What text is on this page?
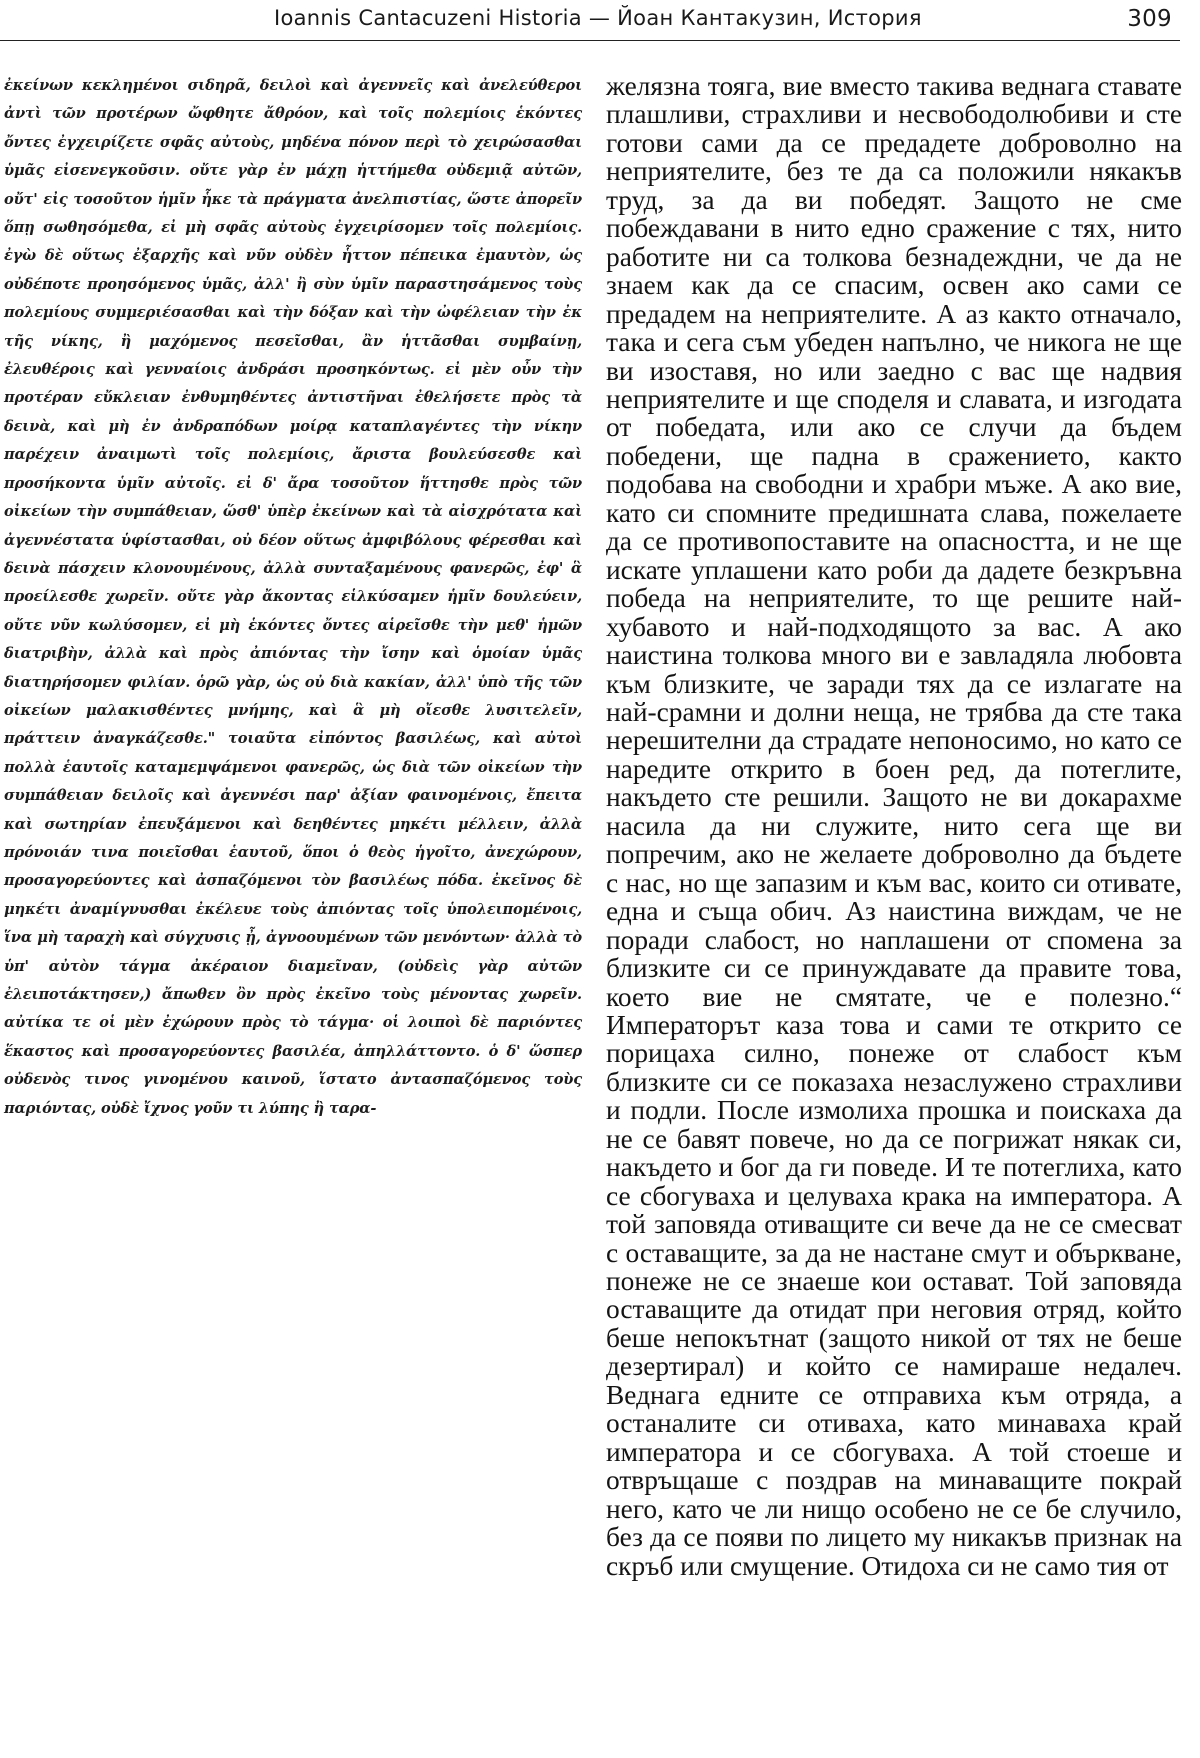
Ioannis Cantacuzeni Historia — Йоан Кантакузин, История	309

ἐκείνων κεκλημένοι σιδηρᾶ, δειλοὶ καὶ ἀγεννεῖς καὶ ἀνελεύθεροι ἀντὶ τῶν προτέρων ὤφθητε ἄθρόον, καὶ τοῖς πολεμίοις ἑκόντες ὄντες ἐγχειρίζετε σφᾶς αὐτοὺς, μηδένα πόνον περὶ τὸ χειρώσασθαι ὑμᾶς εἰσενεγκοῦσιν. οὔτε γὰρ ἐν μάχῃ ἡττήμεθα οὐδεμιᾷ αὐτῶν, οὔτ' εἰς τοσοῦτον ἡμῖν ἧκε τὰ πράγματα ἀνελπιστίας, ὥστε ἀπορεῖν ὅπῃ σωθησόμεθα, εἰ μὴ σφᾶς αὐτοὺς ἐγχειρίσομεν τοῖς πολεμίοις. ἐγὼ δὲ οὕτως ἐξαρχῆς καὶ νῦν οὐδὲν ἧττον πέπεικα ἐμαυτὸν, ὡς οὐδέποτε προησόμενος ὑμᾶς, ἀλλ' ἢ σὺν ὑμῖν παραστησάμενος τοὺς πολεμίους συμμεριέσασθαι καὶ τὴν δόξαν καὶ τὴν ὠφέλειαν τὴν ἐκ τῆς νίκης, ἢ μαχόμενος πεσεῖσθαι, ἂν ἡττᾶσθαι συμβαίνῃ, ἐλευθέροις καὶ γενναίοις ἀνδράσι προσηκόντως. εἰ μὲν οὖν τὴν προτέραν εὔκλειαν ἐνθυμηθέντες ἀντιστῆναι ἐθελήσετε πρὸς τὰ δεινὰ, καὶ μὴ ἐν ἀνδραπόδων μοίρᾳ καταπλαγέντες τὴν νίκην παρέχειν ἀναιμωτὶ τοῖς πολεμίοις, ἄριστα βουλεύσεσθε καὶ προσήκοντα ὑμῖν αὐτοῖς. εἰ δ' ἄρα τοσοῦτον ἥττησθε πρὸς τῶν οἰκείων τὴν συμπάθειαν, ὥσθ' ὑπὲρ ἐκείνων καὶ τὰ αἰσχρότατα καὶ ἀγεννέστατα ὑφίστασθαι, οὐ δέον οὕτως ἀμφιβόλους φέρεσθαι καὶ δεινὰ πάσχειν κλονουμένους, ἀλλὰ συνταξαμένους φανερῶς, ἐφ' ἃ προείλεσθε χωρεῖν. οὔτε γὰρ ἄκοντας εἱλκύσαμεν ἡμῖν δουλεύειν, οὔτε νῦν κωλύσομεν, εἰ μὴ ἑκόντες ὄντες αἱρεῖσθε τὴν μεθ' ἡμῶν διατριβὴν, ἀλλὰ καὶ πρὸς ἀπιόντας τὴν ἴσην καὶ ὁμοίαν ὑμᾶς διατηρήσομεν φιλίαν. ὁρῶ γὰρ, ὡς οὐ διὰ κακίαν, ἀλλ' ὑπὸ τῆς τῶν οἰκείων μαλακισθέντες μνήμης, καὶ ἃ μὴ οἴεσθε λυσιτελεῖν, πράττειν ἀναγκάζεσθε." τοιαῦτα εἰπόντος βασιλέως, καὶ αὐτοὶ πολλὰ ἑαυτοῖς καταμεμψάμενοι φανερῶς, ὡς διὰ τῶν οἰκείων τὴν συμπάθειαν δειλοῖς καὶ ἀγεννέσι παρ' ἀξίαν φαινομένοις, ἔπειτα καὶ σωτηρίαν ἐπευξάμενοι καὶ δεηθέντες μηκέτι μέλλειν, ἀλλὰ πρόνοιάν τινα ποιεῖσθαι ἑαυτοῦ, ὅποι ὁ θεὸς ἡγοῖτο, ἀνεχώρουν, προσαγορεύοντες καὶ ἀσπαζόμενοι τὸν βασιλέως πόδα. ἐκεῖνος δὲ μηκέτι ἀναμίγνυσθαι ἐκέλευε τοὺς ἀπιόντας τοῖς ὑπολειπομένοις, ἵνα μὴ ταραχὴ καὶ σύγχυσις ᾖ, ἀγνοουμένων τῶν μενόντων· ἀλλὰ τὸ ὑπ' αὐτὸν τάγμα ἀκέραιον διαμεῖναν, (οὐδεὶς γὰρ αὐτῶν ἐλειποτάκτησεν,) ἄπωθεν ὂν πρὸς ἐκεῖνο τοὺς μένοντας χωρεῖν. αὐτίκα τε οἱ μὲν ἐχώρουν πρὸς τὸ τάγμα· οἱ λοιποὶ δὲ παριόντες ἕκαστος καὶ προσαγορεύοντες βασιλέα, ἀπηλλάττοντο. ὁ δ' ὥσπερ οὐδενὸς τινος γινομένου καινοῦ, ἵστατο ἀντασπαζόμενος τοὺς παριόντας, οὐδὲ ἴχνος γοῦν τι λύπης ἢ ταρα-

желязна тояга, вие вместо такива веднага ставате плашливи, страхливи и несвободолюбиви и сте готови сами да се предадете доброволно на неприятелите, без те да са положили някакъв труд, за да ви победят. Защото не сме побеждавани в нито едно сражение с тях, нито работите ни са толкова безнадеждни, че да не знаем как да се спасим, освен ако сами се предадем на неприятелите. А аз както отначало, така и сега съм убеден напълно, че никога не ще ви изоставя, но или заедно с вас ще надвия неприятелите и ще споделя и славата, и изгодата от победата, или ако се случи да бъдем победени, ще падна в сражението, както подобава на свободни и храбри мъже. А ако вие, като си спомните предишната слава, пожелаете да се противопоставите на опасността, и не ще искате уплашени като роби да дадете безкръвна победа на неприятелите, то ще решите най-хубавото и най-подходящото за вас. А ако наистина толкова много ви е завладяла любовта към близките, че заради тях да се излагате на най-срамни и долни неща, не трябва да сте така нерешителни да страдате непоносимо, но като се наредите открито в боен ред, да потеглите, накъдето сте решили. Защото не ви докарахме насила да ни служите, нито сега ще ви попречим, ако не желаете доброволно да бъдете с нас, но ще запазим и към вас, които си отивате, една и съща обич. Аз наистина виждам, че не поради слабост, но наплашени от спомена за близките си се принуждавате да правите това, което вие не смятате, че е полезно.“ Императорът каза това и сами те открито се порицаха силно, понеже от слабост към близките си се показаха незаслужено страхливи и подли. После измолиха прошка и поискаха да не се бавят повече, но да се погрижат някак си, накъдето и бог да ги поведе. И те потеглиха, като се сбогуваха и целуваха крака на императора. А той заповяда отиващите си вече да не се смесват с оставащите, за да не настане смут и объркване, понеже не се знаеше кои остават. Той заповяда оставащите да отидат при неговия отряд, който беше непокътнат (защото никой от тях не беше дезертирал) и който се намираше недалеч. Веднага едните се отправиха към отряда, а останалите си отиваха, като минаваха край императора и се сбогуваха. А той стоеше и отвръщаше с поздрав на минаващите покрай него, като че ли нищо особено не се бе случило, без да се появи по лицето му никакъв признак на скръб или смущение. Отидоха си не само тия от
